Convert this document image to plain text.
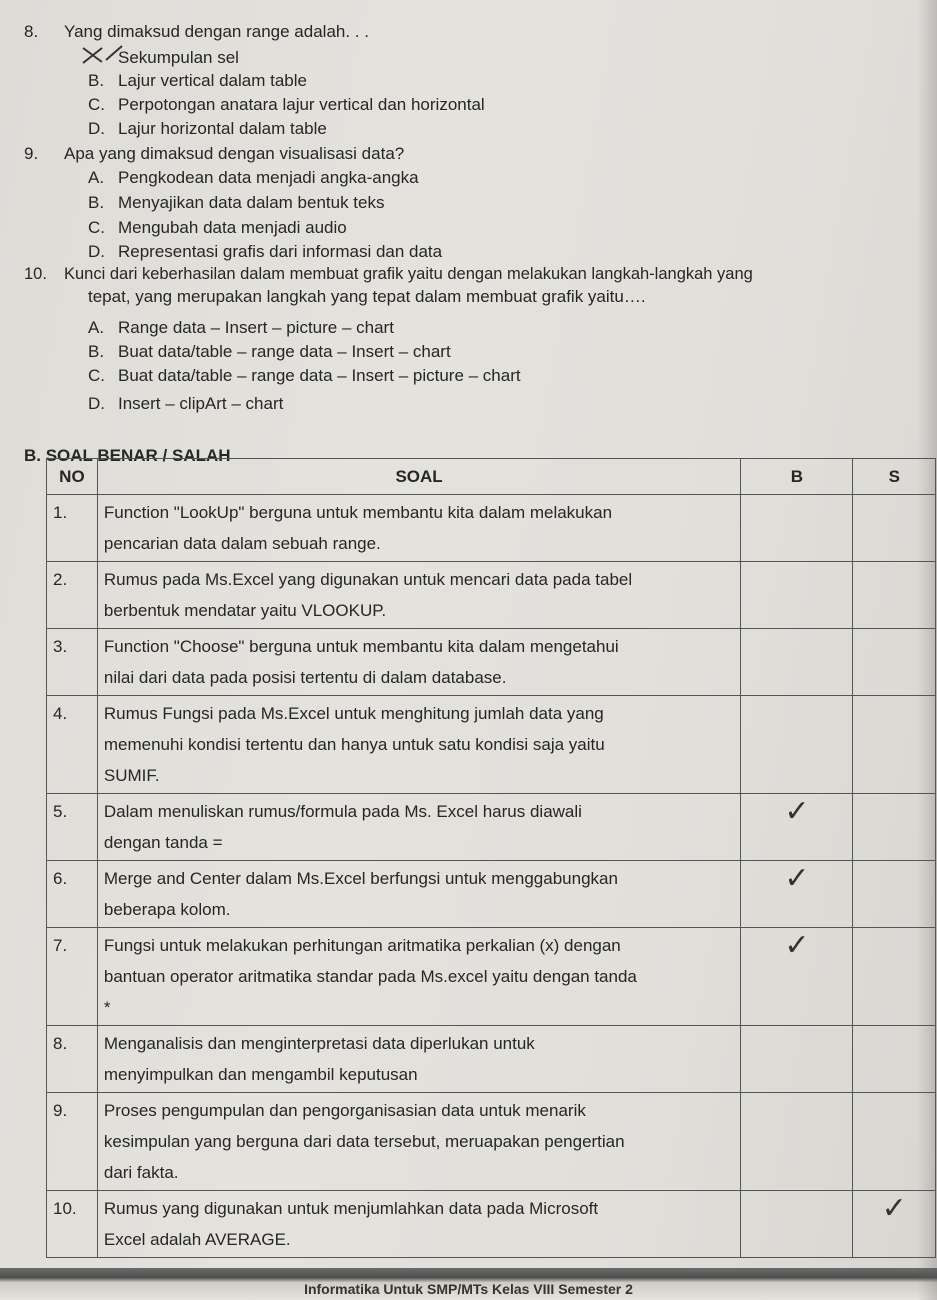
8. Yang dimaksud dengan range adalah. . .
Sekumpulan sel
B. Lajur vertical dalam table
C. Perpotongan anatara lajur vertical dan horizontal
D. Lajur horizontal dalam table
9. Apa yang dimaksud dengan visualisasi data?
A. Pengkodean data menjadi angka-angka
B. Menyajikan data dalam bentuk teks
C. Mengubah data menjadi audio
D. Representasi grafis dari informasi dan data
10. Kunci dari keberhasilan dalam membuat grafik yaitu dengan melakukan langkah-langkah yang
tepat, yang merupakan langkah yang tepat dalam membuat grafik yaitu….
A. Range data – Insert – picture – chart
B. Buat data/table – range data – Insert – chart
C. Buat data/table – range data – Insert – picture – chart
D. Insert – clipArt – chart
B. SOAL BENAR / SALAH
NO	SOAL	B	S
1.	Function "LookUp" berguna untuk membantu kita dalam melakukan
pencarian data dalam sebuah range.		

2.	Rumus pada Ms.Excel yang digunakan untuk mencari data pada tabel
berbentuk mendatar yaitu VLOOKUP.		

3.	Function "Choose" berguna untuk membantu kita dalam mengetahui
nilai dari data pada posisi tertentu di dalam database.		

4.	Rumus Fungsi pada Ms.Excel untuk menghitung jumlah data yang
memenuhi kondisi tertentu dan hanya untuk satu kondisi saja yaitu
SUMIF.		

5.	Dalam menuliskan rumus/formula pada Ms. Excel harus diawali
dengan tanda =	✓	
6.	Merge and Center dalam Ms.Excel berfungsi untuk menggabungkan
beberapa kolom.	✓	
7.	Fungsi untuk melakukan perhitungan aritmatika perkalian (x) dengan
bantuan operator aritmatika standar pada Ms.excel yaitu dengan tanda
*	✓	
8.	Menganalisis dan menginterpretasi data diperlukan untuk
menyimpulkan dan mengambil keputusan		

9.	Proses pengumpulan dan pengorganisasian data untuk menarik
kesimpulan yang berguna dari data tersebut, meruapakan pengertian
dari fakta.		

10.	Rumus yang digunakan untuk menjumlahkan data pada Microsoft
Excel adalah AVERAGE.		✓
Informatika Untuk SMP/MTs Kelas VIII Semester 2
